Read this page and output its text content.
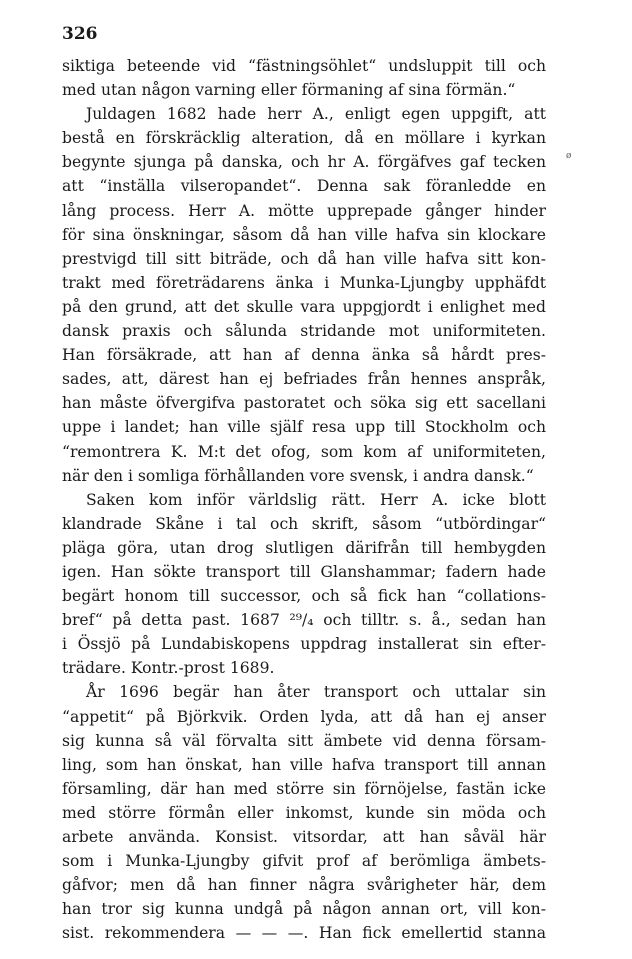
326
siktiga beteende vid “fästningsöhlet“ undsluppit till och
med utan någon varning eller förmaning af sina förmän.“
Juldagen 1682 hade herr A., enligt egen uppgift, att
bestå en förskräcklig alteration, då en möllare i kyrkan
begynte sjunga på danska, och hr A. förgäfves gaf tecken
att “inställa vilseropandet“. Denna sak föranledde en
lång process. Herr A. mötte upprepade gånger hinder
för sina önskningar, såsom då han ville hafva sin klockare
prestvigd till sitt biträde, och då han ville hafva sitt kon-
trakt med företrädarens änka i Munka-Ljungby upphäfdt
på den grund, att det skulle vara uppgjordt i enlighet med
dansk praxis och sålunda stridande mot uniformiteten.
Han försäkrade, att han af denna änka så hårdt pres-
sades, att, därest han ej befriades från hennes anspråk,
han måste öfvergifva pastoratet och söka sig ett sacellani
uppe i landet; han ville själf resa upp till Stockholm och
“remontrera K. M:t det ofog, som kom af uniformiteten,
när den i somliga förhållanden vore svensk, i andra dansk.“
Saken kom inför världslig rätt. Herr A. icke blott
klandrade Skåne i tal och skrift, såsom “utbördingar“
pläga göra, utan drog slutligen därifrån till hembygden
igen. Han sökte transport till Glanshammar; fadern hade
begärt honom till successor, och så fick han “collations-
bref“ på detta past. 1687 ²⁹/₄ och tilltr. s. å., sedan han
i Össjö på Lundabiskopens uppdrag installerat sin efter-
trädare. Kontr.-prost 1689.
År 1696 begär han åter transport och uttalar sin
“appetit“ på Björkvik. Orden lyda, att då han ej anser
sig kunna så väl förvalta sitt ämbete vid denna försam-
ling, som han önskat, han ville hafva transport till annan
församling, där han med större sin förnöjelse, fastän icke
med större förmån eller inkomst, kunde sin möda och
arbete använda. Konsist. vitsordar, att han såväl här
som i Munka-Ljungby gifvit prof af berömliga ämbets-
gåfvor; men då han finner några svårigheter här, dem
han tror sig kunna undgå på någon annan ort, vill kon-
sist. rekommendera — — —. Han fick emellertid stanna
ø
